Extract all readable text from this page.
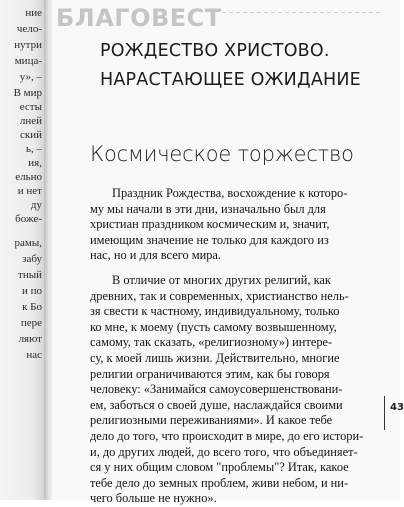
ние
чело-
нутри
мица-
у», –
В мир
есты
лней
ский
ь, –
ия,
ельно
и нет
ду
боже-
рамы,
забу
тный
и по
к Бо
пере
ляют
нас
БЛАГОВЕСТ
РОЖДЕСТВО ХРИСТОВО.
НАРАСТАЮЩЕЕ ОЖИДАНИЕ
Космическое торжество
Праздник Рождества, восхождение к которо-
му мы начали в эти дни, изначально был для
христиан праздником космическим и, значит,
имеющим значение не только для каждого из
нас, но и для всего мира.
В отличие от многих других религий, как
древних, так и современных, христианство нель-
зя свести к частному, индивидуальному, только
ко мне, к моему (пусть самому возвышенному,
самому, так сказать, «религиозному») интере-
су, к моей лишь жизни. Действительно, многие
религии ограничиваются этим, как бы говоря
человеку: «Занимайся самоусовершенствовани-
ем, заботься о своей душе, наслаждайся своими
религиозными переживаниями». И какое тебе
дело до того, что происходит в мире, до его истори-
и, до других людей, до всего того, что объединяет-
ся у них общим словом "проблемы"? Итак, какое
тебе дело до земных проблем, живи небом, и ни-
чего больше не нужно».
43
